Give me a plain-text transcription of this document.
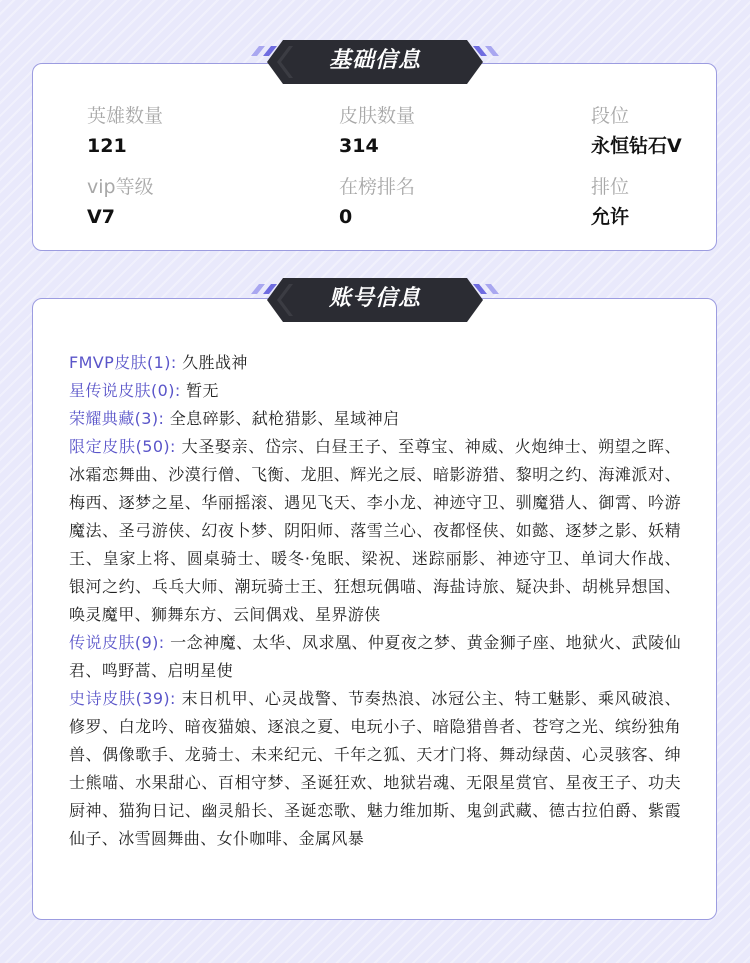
英雄数量
121
皮肤数量
314
段位
永恒钻石V
vip等级
V7
在榜排名
0
排位
允许

FMVP皮肤(1): 久胜战神

星传说皮肤(0): 暂无

荣耀典藏(3): 全息碎影、弑枪猎影、星域神启

限定皮肤(50): 大圣娶亲、岱宗、白昼王子、至尊宝、神威、火炮绅士、朔望之晖、冰霜恋舞曲、沙漠行僧、飞衡、龙胆、辉光之辰、暗影游猎、黎明之约、海滩派对、梅西、逐梦之星、华丽摇滚、遇见飞天、李小龙、神迹守卫、驯魔猎人、御霄、吟游魔法、圣弓游侠、幻夜卜梦、阴阳师、落雪兰心、夜都怪侠、如懿、逐梦之影、妖精王、皇家上将、圆桌骑士、暖冬·兔眠、梁祝、迷踪丽影、神迹守卫、单词大作战、银河之约、乓乓大师、潮玩骑士王、狂想玩偶喵、海盐诗旅、疑决卦、胡桃异想国、唤灵魔甲、狮舞东方、云间偶戏、星界游侠

传说皮肤(9): 一念神魔、太华、凤求凰、仲夏夜之梦、黄金狮子座、地狱火、武陵仙君、鸣野蒿、启明星使

史诗皮肤(39): 末日机甲、心灵战警、节奏热浪、冰冠公主、特工魅影、乘风破浪、修罗、白龙吟、暗夜猫娘、逐浪之夏、电玩小子、暗隐猎兽者、苍穹之光、缤纷独角兽、偶像歌手、龙骑士、未来纪元、千年之狐、天才门将、舞动绿茵、心灵骇客、绅士熊喵、水果甜心、百相守梦、圣诞狂欢、地狱岩魂、无限星赏官、星夜王子、功夫厨神、猫狗日记、幽灵船长、圣诞恋歌、魅力维加斯、鬼剑武藏、德古拉伯爵、紫霞仙子、冰雪圆舞曲、女仆咖啡、金属风暴

基础信息
账号信息
